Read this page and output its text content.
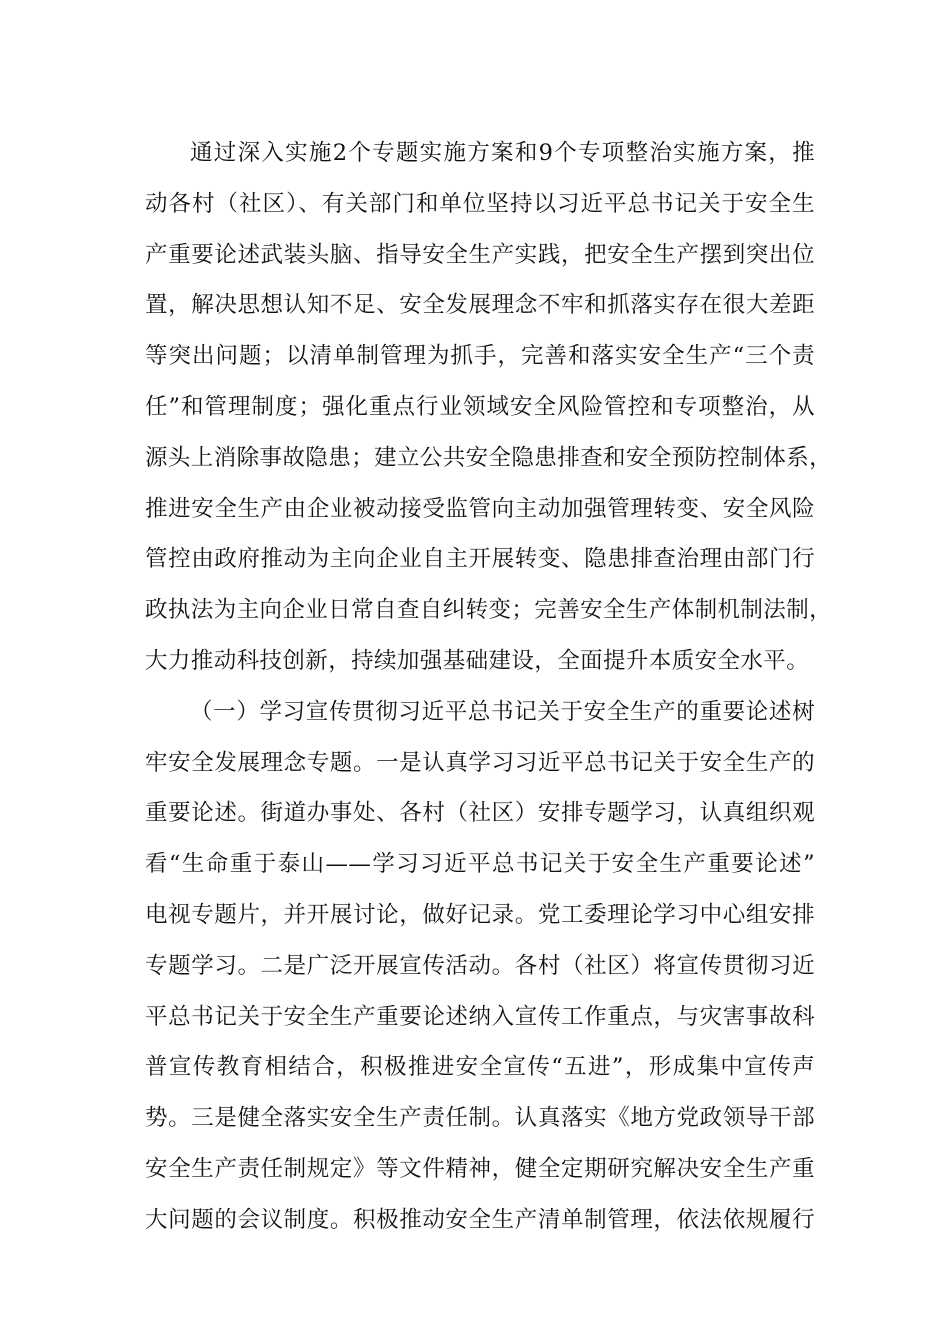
通过深入实施2个专题实施方案和9个专项整治实施方案，推
动各村（社区）、有关部门和单位坚持以习近平总书记关于安全生
产重要论述武装头脑、指导安全生产实践，把安全生产摆到突出位
置，解决思想认知不足、安全发展理念不牢和抓落实存在很大差距
等突出问题；以清单制管理为抓手，完善和落实安全生产“三个责
任”和管理制度；强化重点行业领域安全风险管控和专项整治，从
源头上消除事故隐患；建立公共安全隐患排查和安全预防控制体系，
推进安全生产由企业被动接受监管向主动加强管理转变、安全风险
管控由政府推动为主向企业自主开展转变、隐患排查治理由部门行
政执法为主向企业日常自查自纠转变；完善安全生产体制机制法制，
大力推动科技创新，持续加强基础建设，全面提升本质安全水平。
（一）学习宣传贯彻习近平总书记关于安全生产的重要论述树
牢安全发展理念专题。一是认真学习习近平总书记关于安全生产的
重要论述。街道办事处、各村（社区）安排专题学习，认真组织观
看“生命重于泰山——学习习近平总书记关于安全生产重要论述”
电视专题片，并开展讨论，做好记录。党工委理论学习中心组安排
专题学习。二是广泛开展宣传活动。各村（社区）将宣传贯彻习近
平总书记关于安全生产重要论述纳入宣传工作重点，与灾害事故科
普宣传教育相结合，积极推进安全宣传“五进”，形成集中宣传声
势。三是健全落实安全生产责任制。认真落实《地方党政领导干部
安全生产责任制规定》等文件精神，健全定期研究解决安全生产重
大问题的会议制度。积极推动安全生产清单制管理，依法依规履行
